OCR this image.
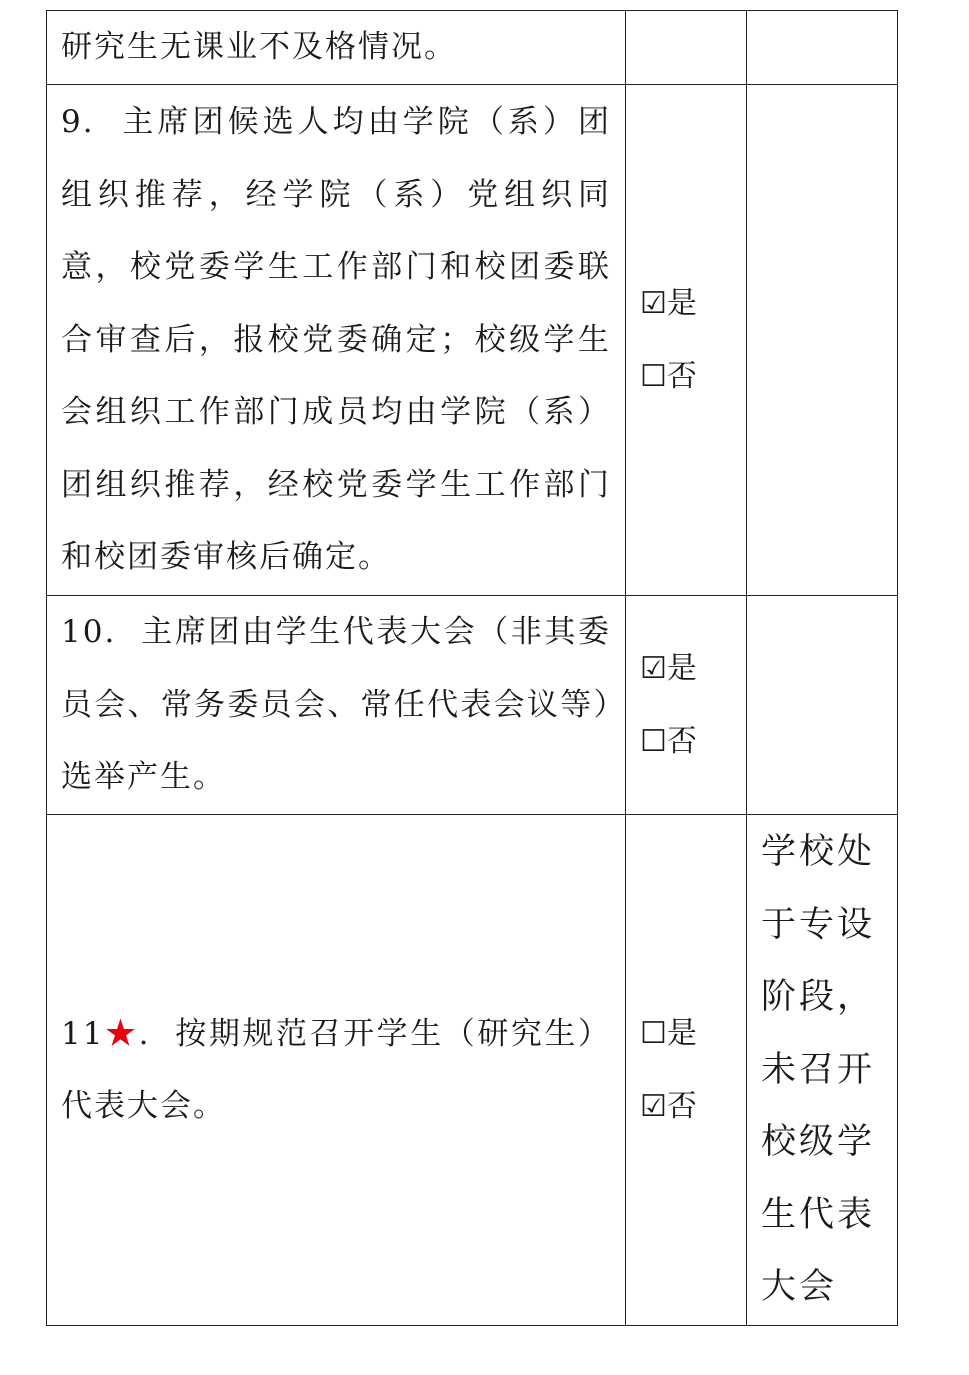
研究生无课业不及格情况。		

9. 主席团候选人均由学院（系）团组织推荐，经学院（系）党组织同意，校党委学生工作部门和校团委联合审查后，报校党委确定；校级学生会组织工作部门成员均由学院（系）团组织推荐，经校党委学生工作部门和校团委审核后确定。	☑是
☐否	

10. 主席团由学生代表大会（非其委员会、常务委员会、常任代表会议等）选举产生。	☑是
☐否	

11★. 按期规范召开学生（研究生）代表大会。	☐是
☑否	学校处于专设阶段，未召开校级学生代表大会
